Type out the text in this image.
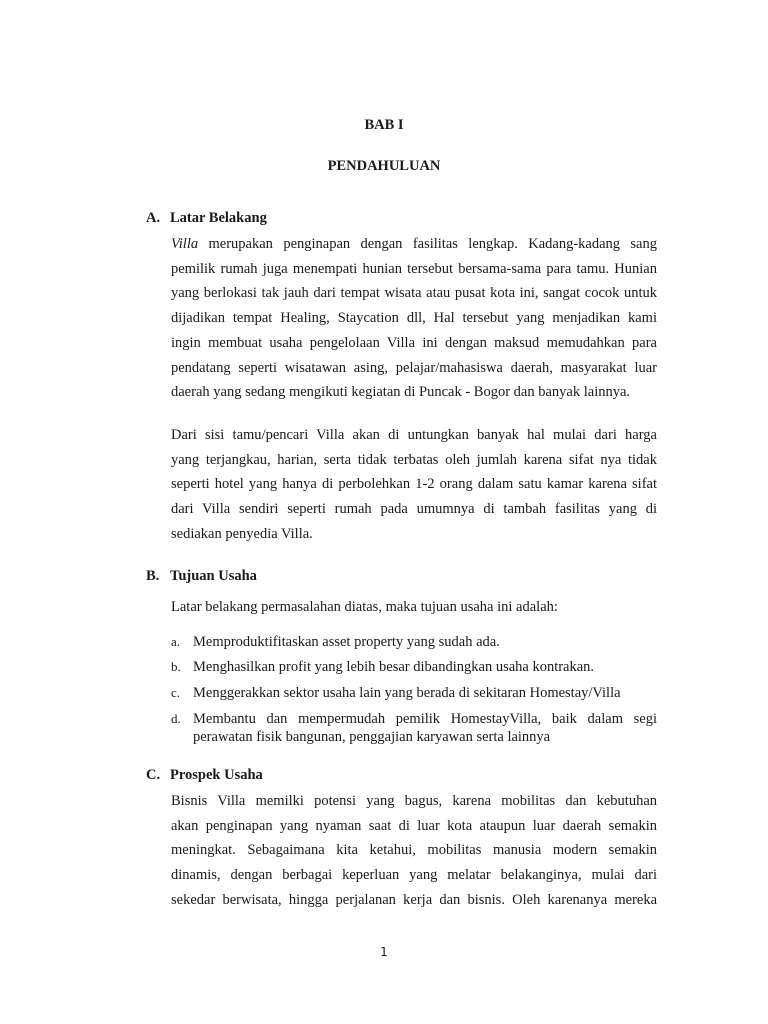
BAB I
PENDAHULUAN
A. Latar Belakang
Villa merupakan penginapan dengan fasilitas lengkap. Kadang-kadang sang
pemilik rumah juga menempati hunian tersebut bersama-sama para tamu. Hunian
yang berlokasi tak jauh dari tempat wisata atau pusat kota ini, sangat cocok untuk
dijadikan tempat Healing, Staycation dll, Hal tersebut yang menjadikan kami
ingin membuat usaha pengelolaan Villa ini dengan maksud memudahkan para
pendatang seperti wisatawan asing, pelajar/mahasiswa daerah, masyarakat luar
daerah yang sedang mengikuti kegiatan di Puncak - Bogor dan banyak lainnya.
Dari sisi tamu/pencari Villa akan di untungkan banyak hal mulai dari harga
yang terjangkau, harian, serta tidak terbatas oleh jumlah karena sifat nya tidak
seperti hotel yang hanya di perbolehkan 1-2 orang dalam satu kamar karena sifat
dari Villa sendiri seperti rumah pada umumnya di tambah fasilitas yang di
sediakan penyedia Villa.
B. Tujuan Usaha
Latar belakang permasalahan diatas, maka tujuan usaha ini adalah:
a. Memproduktifitaskan asset property yang sudah ada.
b. Menghasilkan profit yang lebih besar dibandingkan usaha kontrakan.
c. Menggerakkan sektor usaha lain yang berada di sekitaran Homestay/Villa
d. Membantu dan mempermudah pemilik HomestayVilla, baik dalam segi
perawatan fisik bangunan, penggajian karyawan serta lainnya
C. Prospek Usaha
Bisnis Villa memilki potensi yang bagus, karena mobilitas dan kebutuhan
akan penginapan yang nyaman saat di luar kota ataupun luar daerah semakin
meningkat. Sebagaimana kita ketahui, mobilitas manusia modern semakin
dinamis, dengan berbagai keperluan yang melatar belakanginya, mulai dari
sekedar berwisata, hingga perjalanan kerja dan bisnis. Oleh karenanya mereka
1
